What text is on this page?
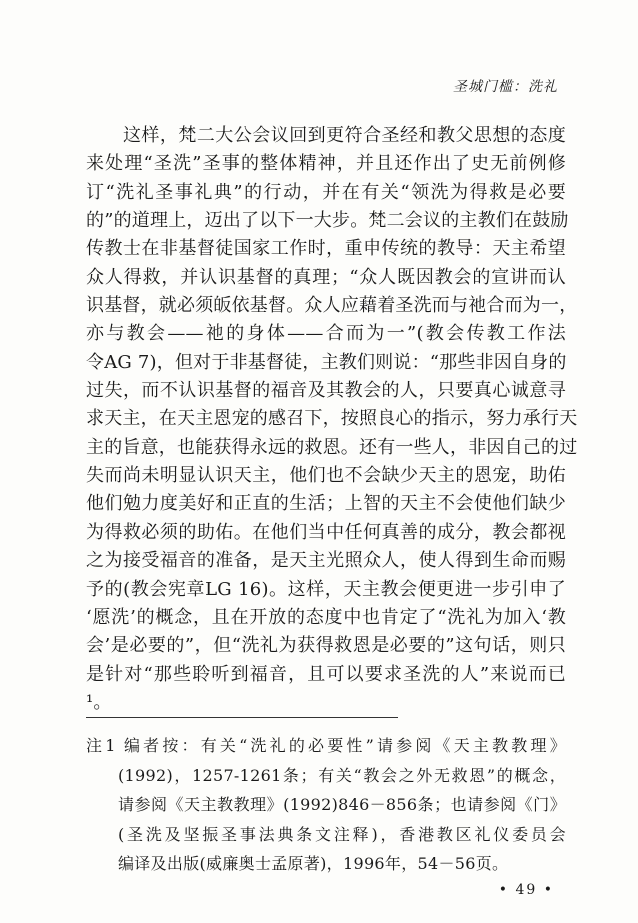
圣城门槛：洗礼
　　这样，梵二大公会议回到更符合圣经和教父思想的态度
来处理“圣洗”圣事的整体精神，并且还作出了史无前例修
订“洗礼圣事礼典”的行动，并在有关“领洗为得救是必要
的”的道理上，迈出了以下一大步。梵二会议的主教们在鼓励
传教士在非基督徒国家工作时，重申传统的教导：天主希望
众人得救，并认识基督的真理；“众人既因教会的宣讲而认
识基督，就必须皈依基督。众人应藉着圣洗而与祂合而为一，
亦与教会——祂的身体——合而为一”(教会传教工作法
令AG 7)，但对于非基督徒，主教们则说：“那些非因自身的
过失，而不认识基督的福音及其教会的人，只要真心诚意寻
求天主，在天主恩宠的感召下，按照良心的指示，努力承行天
主的旨意，也能获得永远的救恩。还有一些人，非因自己的过
失而尚未明显认识天主，他们也不会缺少天主的恩宠，助佑
他们勉力度美好和正直的生活；上智的天主不会使他们缺少
为得救必须的助佑。在他们当中任何真善的成分，教会都视
之为接受福音的准备，是天主光照众人，使人得到生命而赐
予的(教会宪章LG 16)。这样，天主教会便更进一步引申了
‘愿洗’的概念，且在开放的态度中也肯定了“洗礼为加入‘教
会’是必要的”，但“洗礼为获得救恩是必要的”这句话，则只
是针对“那些聆听到福音，且可以要求圣洗的人”来说而已
¹。
注1 编者按：有关“洗礼的必要性”请参阅《天主教教理》
(1992)，1257-1261条；有关“教会之外无救恩”的概念，
请参阅《天主教教理》(1992)846－856条；也请参阅《门》
(圣洗及坚振圣事法典条文注释)，香港教区礼仪委员会
编译及出版(威廉奥士孟原著)，1996年，54－56页。
• 49 •
